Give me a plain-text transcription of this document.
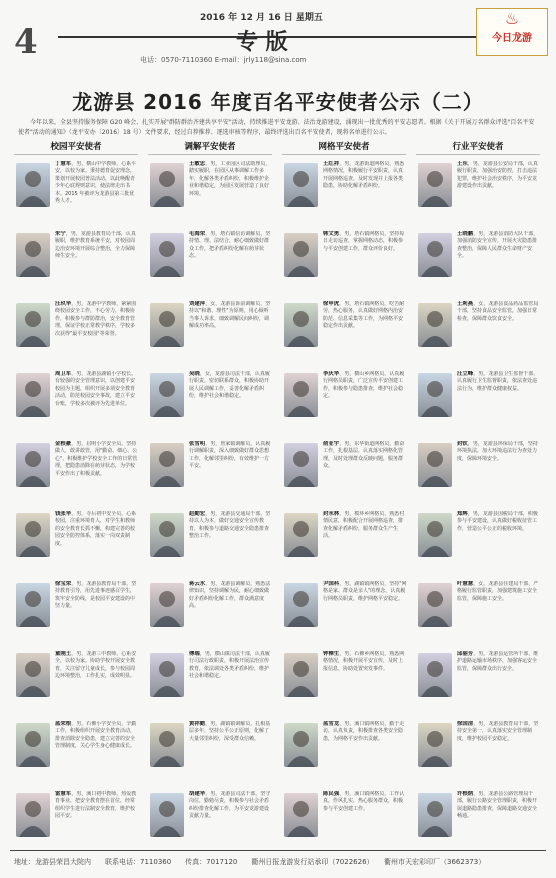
2016 年 12 月 16 日 星期五
4	专 版
电话：0570-7110360 E-mail：jrly118@sina.com
♨
今日龙游
龙游县 2016 年度百名平安使者公示（二）
今年以来，全县坚持服务保障 G20 峰会、扎实开展"群防群治齐建共享平安"活动，持续推进平安龙游、法治龙游建设，涌现出一批优秀的平安志愿者。根据《关于开展万名群众评选"百名平安使者"活动的通知》（龙平安办〔2016〕18 号）文件要求，经过自荐推荐、逐选审核等程序，最终评选出百名平安使者，现将名单进行公示。
校园平安使者
丁慧军，男，横山中学教师，心系平安，以校为家。秉持德育促安理念，策划开展校园普法活动，以此唤醒青少年心底规则意识，使法律走出书本。2015 年被评为龙游县第三批优秀人才。
朱宁，男，龙游县教育局干部，认真履职，维护教育系统平安，对校园周边治安环境开展综合整治，全力保障师生安全。
汪玖华，男，龙游中学教师，紧紧围绕校园安全工作，不心劳力，积极协作，积极参与群防群治，安全教育管理，保证学校正常教学秩序，学校多次获得"最平安校园"等荣誉。
周卫军，男，龙游县湖镇小学校长。有较强的安全管理意识，以创建平安校园为主题，组织开展多项安全教育活动，防范校园安全事故，建立平安台账，学校多次被评为先进单位。
金根豪，男，启明小学安全员。坚持做人，敢讲敢管，用"勤奋、细心、公心"，积极维护学校安全工作的日常管理，把隐患消除在萌芽状态，为学校平安作出了积极贡献。
钱张华，男，寺后初中安全员，心系校园，注重环境育人，对学生和教师的安全教育长抓不懈，构建完善的校园安全防控体系，落实一岗双责制度。
徐宝荣，男，龙游县教育局干部，坚持教育引导，用先进事迹感召学生，筑牢安全防线，是校园平安建设的中坚力量。
童刚土，男，龙游三中教师，心系安全，以校为家。协助学校开展安全教育，关注留守儿童成长，参与校园周边环境整治，工作扎实，成效明显。
蓝荣根，男，石佛小学安全员，辛勤工作，积极组织开展安全教育活动，排查消除安全隐患，建立完善的安全管理制度，关心学生身心健康成长。
雷慧军，男，溪口初中教师，热爱教育事业，把安全教育摆在首位，经常组织学生进行法制安全教育，维护校园平安。
调解平安使者
王敏忠，男，工业园区司法助理员，踏实履职，在园区从事调解工作多年，化解各类矛盾纠纷，积极维护企业和谐稳定，为园区发展营造了良好环境。
毛海荣，男，塔石镇信访调解员，坚持情、理、法结合，耐心细致做好群众工作，把矛盾纠纷化解在萌芽状态。
刘建萍，女，龙游县诉前调解员，坚持以"和谐、理性"为原则，用心倾听当事人诉求，细致调解民间纠纷，调解成功率高。
吴晓，女，龙游县司法干部，认真履行职责，密切联系群众，积极协助开展人民调解工作，妥善化解矛盾纠纷，维护社会和谐稳定。
张雪明，男，詹家镇调解员，认真履行调解职责，深入细致做好群众思想工作，化解邻里纠纷，有效维护一方平安。
赵勤宏，男，龙游县交通局干部，坚持以人为本，做好交通安全宣传教育，积极参与道路交通安全隐患排查整治工作。
蒋云水，男，龙游县调解员，熟悉法律知识，坚持调解为民，耐心细致做好矛盾纠纷化解工作，群众满意度高。
傅瑞，男，横山镇司法干部，认真履行司法行政职责，积极开展法治宣传教育，依法调处各类矛盾纠纷，维护社会和谐稳定。
黄祥勤，男，湖镇镇调解员，扎根基层多年，坚持公平公正原则，化解了大量邻里纠纷，深受群众信赖。
胡建华，男，龙游县司法干部，坚守岗位，勤勉尽责，积极参与社会矛盾纠纷排查化解工作，为平安龙游建设贡献力量。
网格平安使者
王红祥，男，龙游街道网格员，熟悉网格情况，积极履行平安职责，认真开展网格巡查，及时发现并上报各类隐患，协助化解矛盾纠纷。
韩文勇，男，塔石镇网格员，坚持每日走访巡查，掌握网格动态，积极参与平安创建工作，群众评价良好。
徐申虎，男，塔石镇网格员，吃苦耐劳，热心服务，认真做好网格内治安防范、信息采集等工作，为网格平安稳定作出贡献。
李庆华，男，横山乡网格员，认真履行网格员职责，广泛宣传平安创建工作，积极参与隐患排查，维护社会稳定。
俞亚宇，男，东华街道网格员，勤奋工作，扎根基层，认真落实网格化管理，及时处理群众反映问题，服务群众。
封永林，男，模环乡网格员，熟悉村情民意，积极配合开展网格巡查，排查化解矛盾纠纷，服务群众生产生活。
尹国科，男，湖镇镇网格员，坚持"网格是家、群众是亲人"的理念，认真履行网格员职责，维护网格平安稳定。
钟樟生，男，石佛乡网格员，熟悉网格情况，积极开展平安宣传，及时上报信息，协助处置突发事件。
蓝雪龙，男，溪口镇网格员，勤于走访，认真负责，积极排查各类安全隐患，为网格平安作出贡献。
陈民强，男，溪口镇网格员，工作认真，作风扎实，热心服务群众，积极参与平安创建工作。
行业平安使者
王东，男，龙游县公安局干部，认真履行职责，加强治安防控，打击违法犯罪，维护社会治安秩序，为平安龙游建设作出贡献。
王晓鹏，男，龙游县消防大队干部，加强消防安全宣传，开展火灾隐患排查整治，保障人民群众生命财产安全。
王莉燕，女，龙游县食品药品监管局干部，坚持食品安全监管，加强日常检查，保障群众饮食安全。
汪立峰，男，龙游县卫生监督干部，认真履行卫生监督职责，依法查处违法行为，维护群众健康权益。
封钦，男，龙游县环保局干部，坚持环境执法，加大环境违法行为查处力度，保障环境安全。
郑辉，男，龙游县国税局干部，积极参与平安建设，认真做好税收征管工作，营造公平公正的税收环境。
叶慧慧，女，龙游县住建局干部，严格履行监管职责，加强建筑施工安全监管，保障施工安全。
邱丽芳，男，龙游县运管所干部，维护道路运输市场秩序，加强客运安全监管，保障群众出行安全。
徐国清，男，龙游县教育局干部，坚持安全第一，认真落实安全管理制度，维护校园平安稳定。
许根炳，男，龙游县公路管理局干部，履行公路安全管理职责，积极开展道路隐患排查，保障道路交通安全畅通。
地址：龙游县荣昌大院内　　联系电话：7110360　　传真：7017120　　衢州日报龙游发行站承印（7022626）　　衢州市天宏彩印厂（3662373）
